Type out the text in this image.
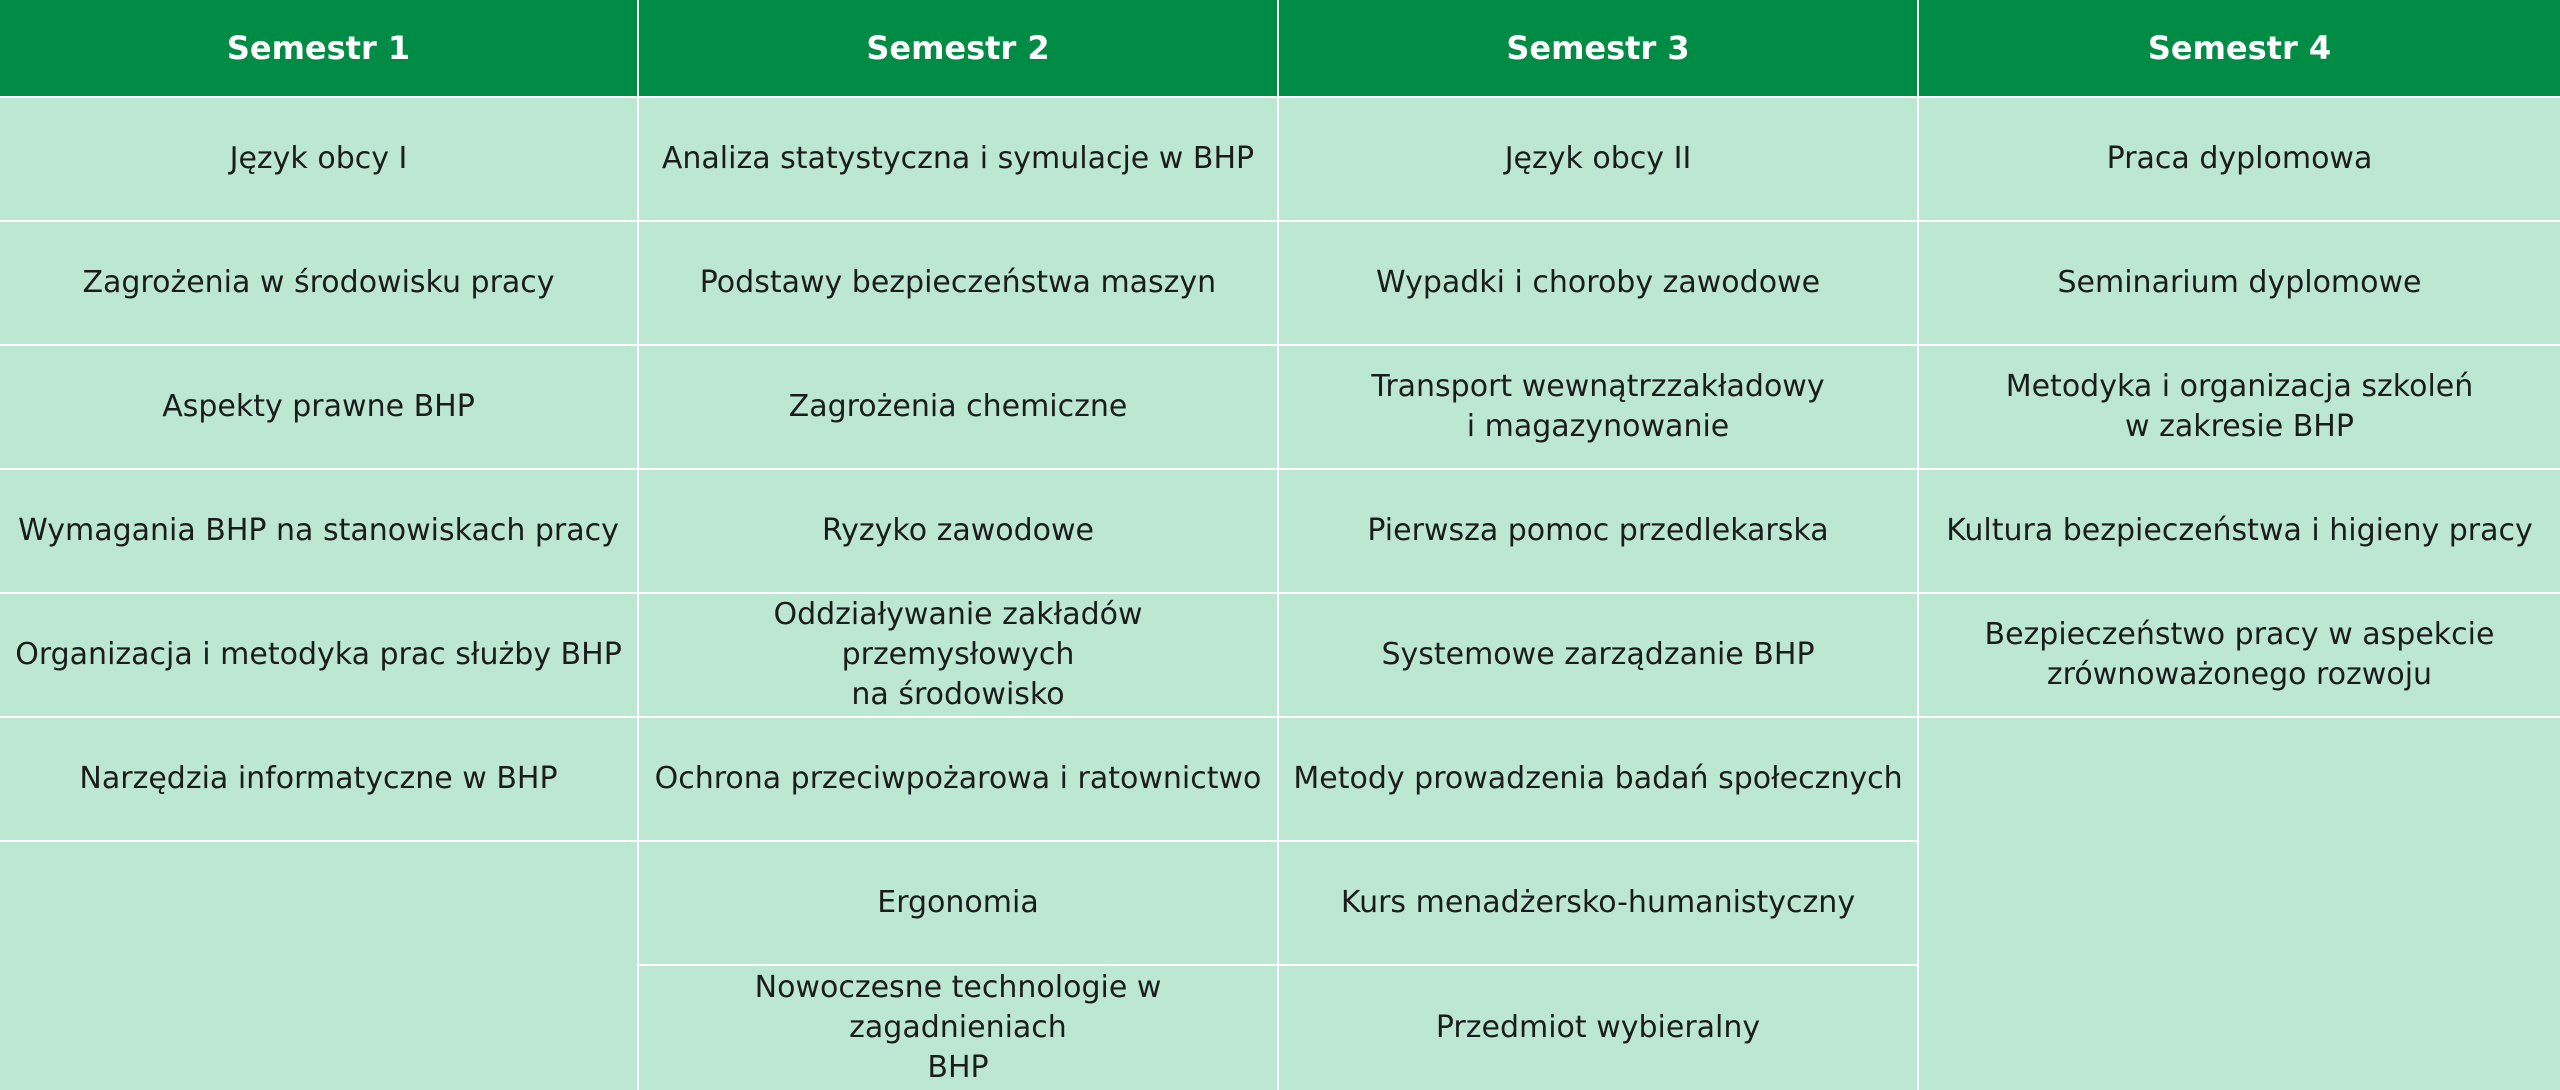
Semestr 1
Język obcy I
Zagrożenia w środowisku pracy
Aspekty prawne BHP
Wymagania BHP na stanowiskach pracy
Organizacja i metodyka prac służby BHP
Narzędzia informatyczne w BHP
Semestr 2
Analiza statystyczna i symulacje w BHP
Podstawy bezpieczeństwa maszyn
Zagrożenia chemiczne
Ryzyko zawodowe
Oddziaływanie zakładów przemysłowych
na środowisko
Ochrona przeciwpożarowa i ratownictwo
Ergonomia
Nowoczesne technologie w zagadnieniach
BHP
Semestr 3
Język obcy II
Wypadki i choroby zawodowe
Transport wewnątrzzakładowy
i magazynowanie
Pierwsza pomoc przedlekarska
Systemowe zarządzanie BHP
Metody prowadzenia badań społecznych
Kurs menadżersko-humanistyczny
Przedmiot wybieralny
Semestr 4
Praca dyplomowa
Seminarium dyplomowe
Metodyka i organizacja szkoleń
w zakresie BHP
Kultura bezpieczeństwa i higieny pracy
Bezpieczeństwo pracy w aspekcie
zrównoważonego rozwoju
